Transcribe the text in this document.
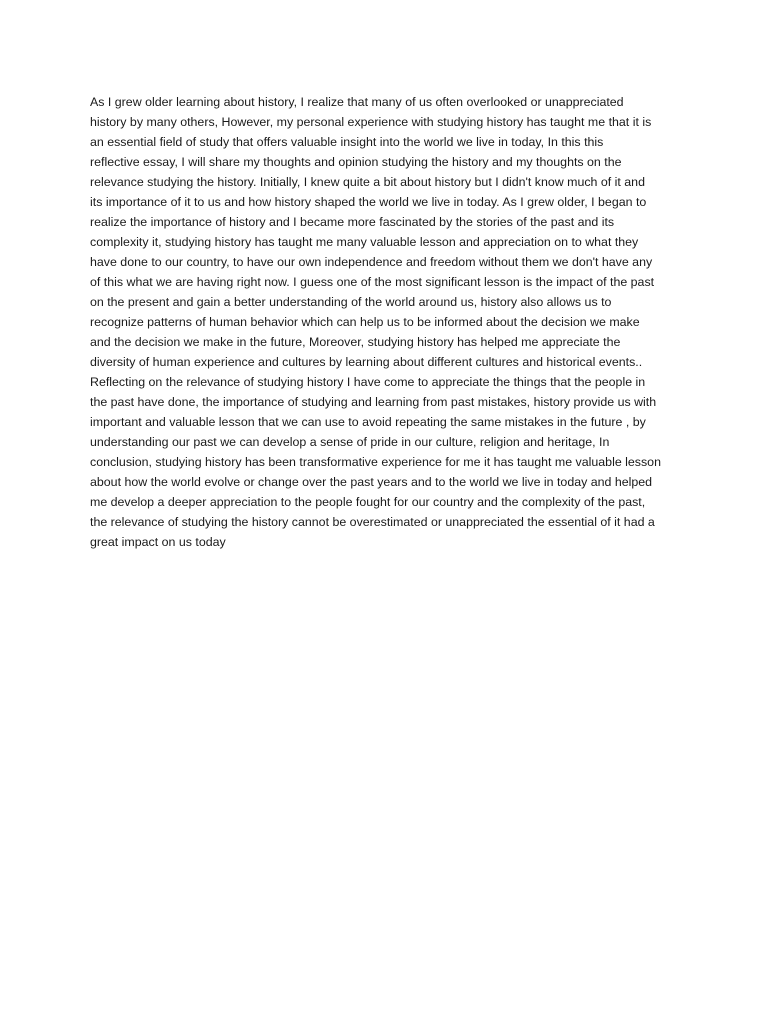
As I grew older learning about history, I realize that many of us often overlooked or unappreciated
history by many others, However, my personal experience with studying history has taught me that it is
an essential field of study that offers valuable insight into the world we live in today, In this this
reflective essay, I will share my thoughts and opinion studying the history and my thoughts on the
relevance studying the history. Initially, I knew quite a bit about history but I didn't know much of it and
its importance of it to us and how history shaped the world we live in today. As I grew older, I began to
realize the importance of history and I became more fascinated by the stories of the past and its
complexity it, studying history has taught me many valuable lesson and appreciation on to what they
have done to our country, to have our own independence and freedom without them we don't have any
of this what we are having right now. I guess one of the most significant lesson is the impact of the past
on the present and gain a better understanding of the world around us, history also allows us to
recognize patterns of human behavior which can help us to be informed about the decision we make
and the decision we make in the future, Moreover, studying history has helped me appreciate the
diversity of human experience and cultures by learning about different cultures and historical events..
Reflecting on the relevance of studying history I have come to appreciate the things that the people in
the past have done, the importance of studying and learning from past mistakes, history provide us with
important and valuable lesson that we can use to avoid repeating the same mistakes in the future , by
understanding our past we can develop a sense of pride in our culture, religion and heritage, In
conclusion, studying history has been transformative experience for me it has taught me valuable lesson
about how the world evolve or change over the past years and to the world we live in today and helped
me develop a deeper appreciation to the people fought for our country and the complexity of the past,
the relevance of studying the history cannot be overestimated or unappreciated the essential of it had a
great impact on us today
